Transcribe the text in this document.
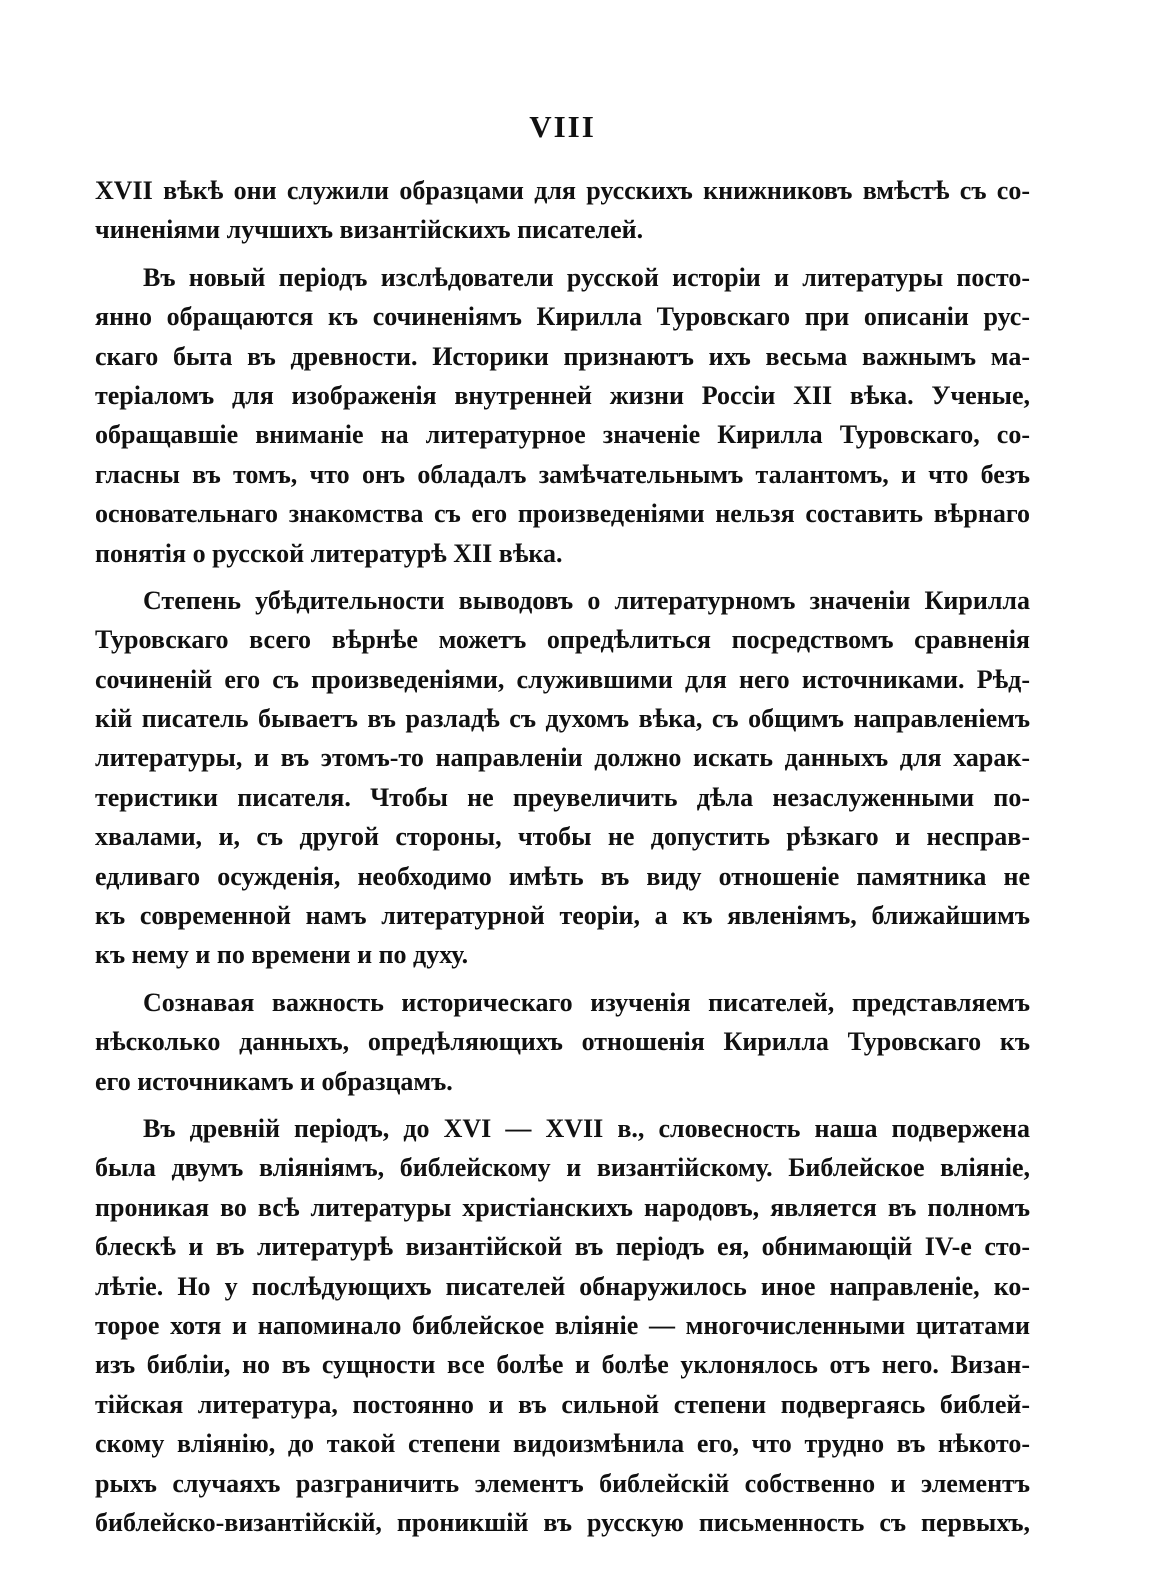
VIII
XVII вѣкѣ они служили образцами для русскихъ книжниковъ вмѣстѣ съ со-
чиненіями лучшихъ византійскихъ писателей.
Въ новый періодъ изслѣдователи русской исторіи и литературы посто-
янно обращаются къ сочиненіямъ Кирилла Туровскаго при описаніи рус-
скаго быта въ древности. Историки признаютъ ихъ весьма важнымъ ма-
теріаломъ для изображенія внутренней жизни Россіи XII вѣка. Ученые,
обращавшіе вниманіе на литературное значеніе Кирилла Туровскаго, со-
гласны въ томъ, что онъ обладалъ замѣчательнымъ талантомъ, и что безъ
основательнаго знакомства съ его произведеніями нельзя составить вѣрнаго
понятія о русской литературѣ XII вѣка.
Степень убѣдительности выводовъ о литературномъ значеніи Кирилла
Туровскаго всего вѣрнѣе можетъ опредѣлиться посредствомъ сравненія
сочиненій его съ произведеніями, служившими для него источниками. Рѣд-
кій писатель бываетъ въ разладѣ съ духомъ вѣка, съ общимъ направленіемъ
литературы, и въ этомъ-то направленіи должно искать данныхъ для харак-
теристики писателя. Чтобы не преувеличить дѣла незаслуженными по-
хвалами, и, съ другой стороны, чтобы не допустить рѣзкаго и несправ-
едливаго осужденія, необходимо имѣть въ виду отношеніе памятника не
къ современной намъ литературной теоріи, а къ явленіямъ, ближайшимъ
къ нему и по времени и по духу.
Сознавая важность историческаго изученія писателей, представляемъ
нѣсколько данныхъ, опредѣляющихъ отношенія Кирилла Туровскаго къ
его источникамъ и образцамъ.
Въ древній періодъ, до XVI — XVII в., словесность наша подвержена
была двумъ вліяніямъ, библейскому и византійскому. Библейское вліяніе,
проникая во всѣ литературы христіанскихъ народовъ, является въ полномъ
блескѣ и въ литературѣ византійской въ періодъ ея, обнимающій IV-е сто-
лѣтіе. Но у послѣдующихъ писателей обнаружилось иное направленіе, ко-
торое хотя и напоминало библейское вліяніе — многочисленными цитатами
изъ библіи, но въ сущности все болѣе и болѣе уклонялось отъ него. Визан-
тійская литература, постоянно и въ сильной степени подвергаясь библей-
скому вліянію, до такой степени видоизмѣнила его, что трудно въ нѣкото-
рыхъ случаяхъ разграничить элементъ библейскій собственно и элементъ
библейско-византійскій, проникшій въ русскую письменность съ первыхъ,
